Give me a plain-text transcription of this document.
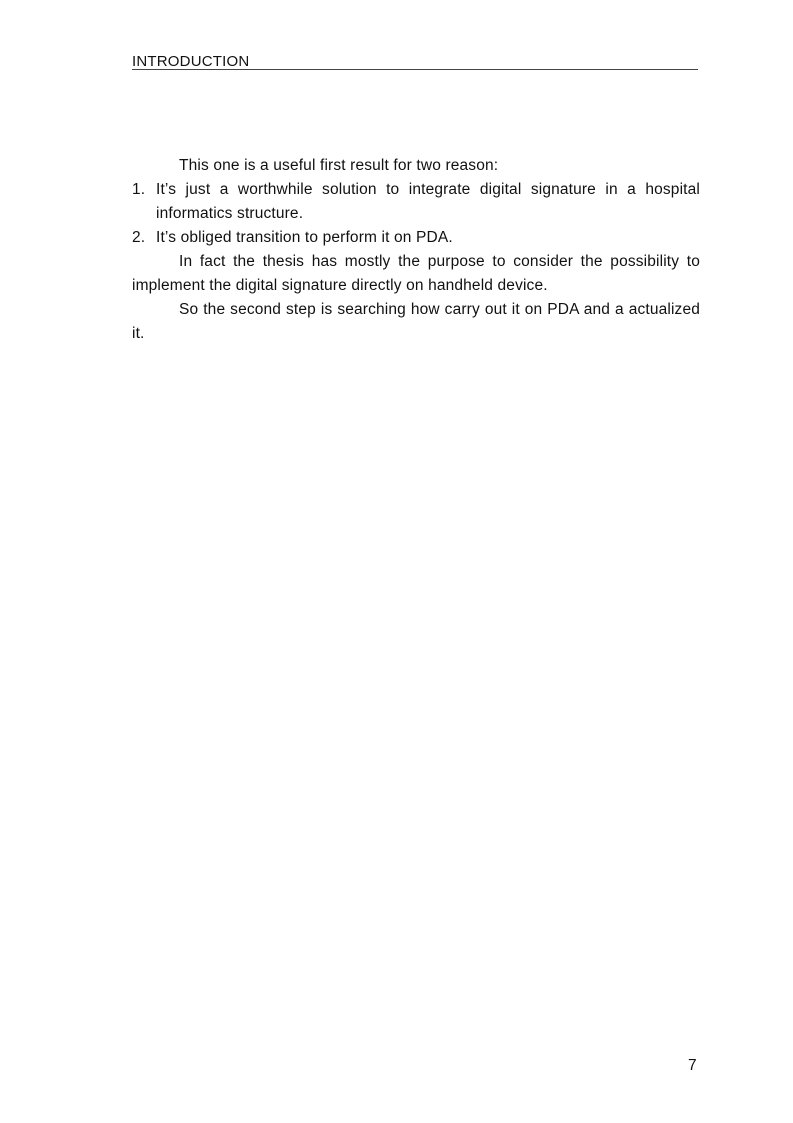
INTRODUCTION

This one is a useful first result for two reason:

1. It’s just a worthwhile solution to integrate digital signature in a hospital informatics structure.
2. It’s obliged transition to perform it on PDA.

In fact the thesis has mostly the purpose to consider the possibility to implement the digital signature directly on handheld device.

So the second step is searching how carry out it on PDA and a actualized it.

7
